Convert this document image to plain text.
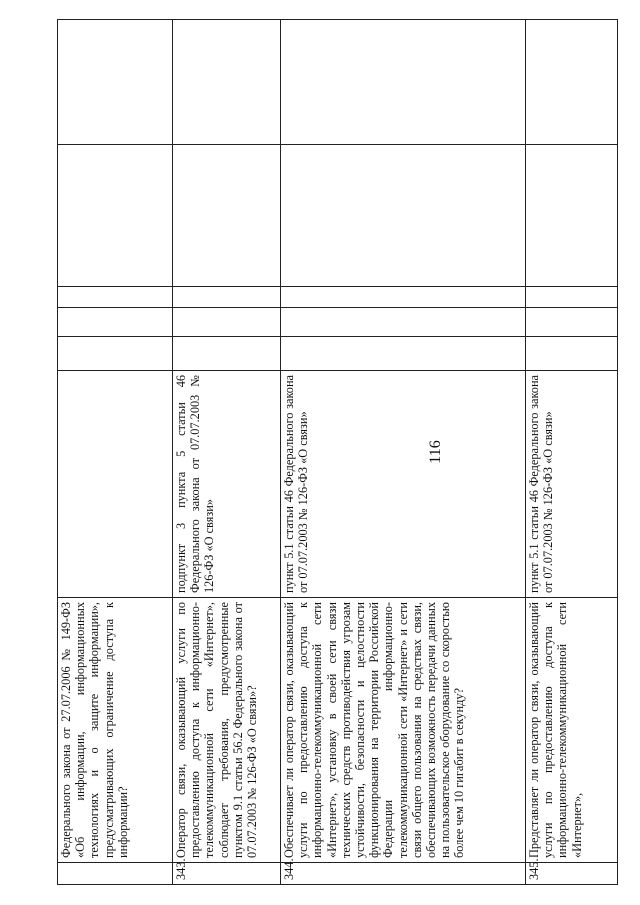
116
	Федерального закона от 27.07.2006 № 149-ФЗ «Об информации, информационных технологиях и о защите информации», предусматривающих ограничение доступа к информации?						
343.	Оператор связи, оказывающий услуги по предоставлению доступа к информационно-телекоммуникационной сети «Интернет», соблюдает требования, предусмотренные пунктом 9.1 статьи 56.2 Федерального закона от 07.07.2003 № 126-ФЗ «О связи»?	подпункт 3 пункта 5 статьи 46 Федерального закона от 07.07.2003 № 126-ФЗ «О связи»					
344.	Обеспечивает ли оператор связи, оказывающий услуги по предоставлению доступа к информационно-телекоммуникационной сети «Интернет», установку в своей сети связи технических средств противодействия угрозам устойчивости, безопасности и целостности функционирования на территории Российской Федерации информационно-телекоммуникационной сети «Интернет» и сети связи общего пользования на средствах связи, обеспечивающих возможность передачи данных на пользовательское оборудование со скоростью более чем 10 гигабит в секунду?	пункт 5.1 статьи 46 Федерального закона от 07.07.2003 № 126-ФЗ «О связи»					
345.	Представляет ли оператор связи, оказывающий услуги по предоставлению доступа к информационно-телекоммуникационной сети «Интернет»,	пункт 5.1 статьи 46 Федерального закона от 07.07.2003 № 126-ФЗ «О связи»					
